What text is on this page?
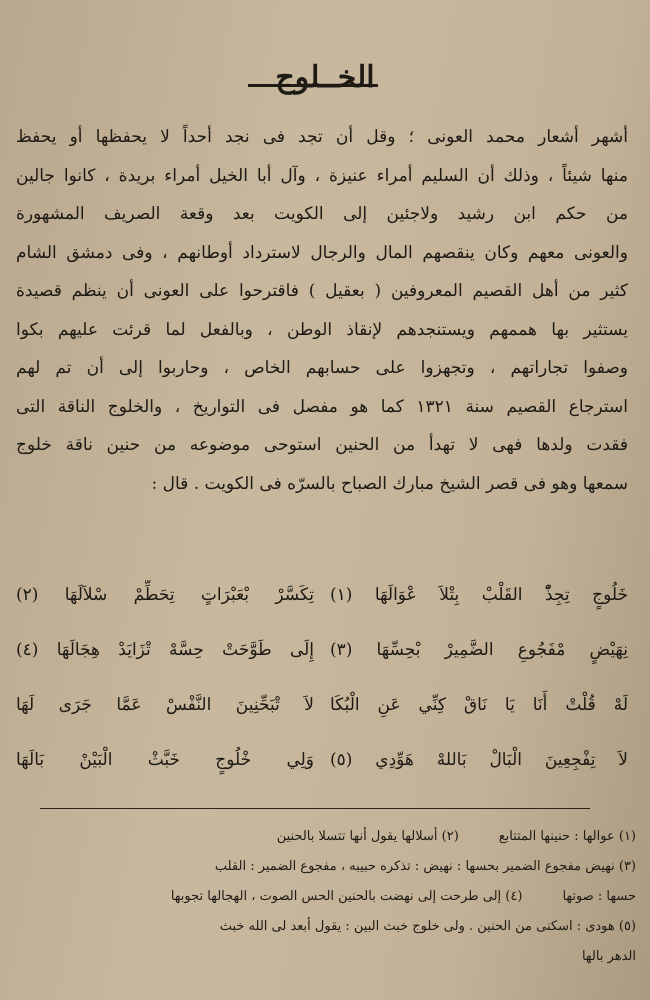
الخــلوج
أشهر أشعار محمد العونى ؛ وقل أن تجد فى نجد أحداً لا يحفظها أو يحفظ
منها شيئاً ، وذلك أن السليم أمراء عنيزة ، وآل أبا الخيل أمراء بريدة ، كانوا جالين
من حكم ابن رشيد ولاجئين إلى الكويت بعد وقعة الصريف المشهورة
والعونى معهم وكان ينقصهم المال والرجال لاسترداد أوطانهم ، وفى دمشق الشام
كثير من أهل القصيم المعروفين ( بعقيل ) فاقترحوا على العونى أن ينظم قصيدة
يستثير بها هممهم ويستنجدهم لإنقاذ الوطن ، وبالفعل لما قرئت عليهم بكوا
وصفوا تجاراتهم ، وتجهزوا على حسابهم الخاص ، وحاربوا إلى أن تم لهم
استرجاع القصيم سنة ١٣٢١ كما هو مفصل فى التواريخ ، والخلوج الناقة التى
فقدت ولدها فهى لا تهدأ من الحنين استوحى موضوعه من حنين ناقة خلوج
سمعها وهو فى قصر الشيخ مبارك الصباح بالسرّه فى الكويت . قال :
خَلُوجٍ تِجِذّْ القَلْبْ بِتْلاَ عْوَالَهَا (١)
تِكَسَّرْ بْعَبْرَاتٍ تِحَطِّمْ سْلاَلَهَا (٢)
نِهَيْضٍ مْفَجُوعِ الضَّمِيرْ بْحِسِّهَا (٣)
إِلَى طَوَّحَتْ حِسَّهْ تْزَايَدْ هِجَالَهَا (٤)
لَهْ قُلْتْ أَنَا يَا نَاقْ كِنِّي عَنِ الْبُكَا
لاَ تْبَحِّنِينَ النَّفْسْ عَمَّا جَرَى لَهَا
لاَ تِفْجِعِينَ الْبَالْ بَاللهْ هَوِّدِي (٥)
وَلِي خْلُوجٍ خَبَّثْ الْبَيْنْ بَالَهَا
(١) عوالها : حنينها المتتابع(٢) أسلالها يقول أنها تتسلا بالحنين
(٣) نهيض مفجوع الضمير بحسها : نهيض : تذكره حبيبه ، مفجوع الضمير : القلب
حسها : صوتها(٤) إلى طرحت إلى نهضت بالحنين الحس الصوت ، الهجالها تجوبها
(٥) هودى : اسكنى من الحنين . ولى خلوج خبث البين : يقول أبعد لى الله خبث
الدهر بالها
